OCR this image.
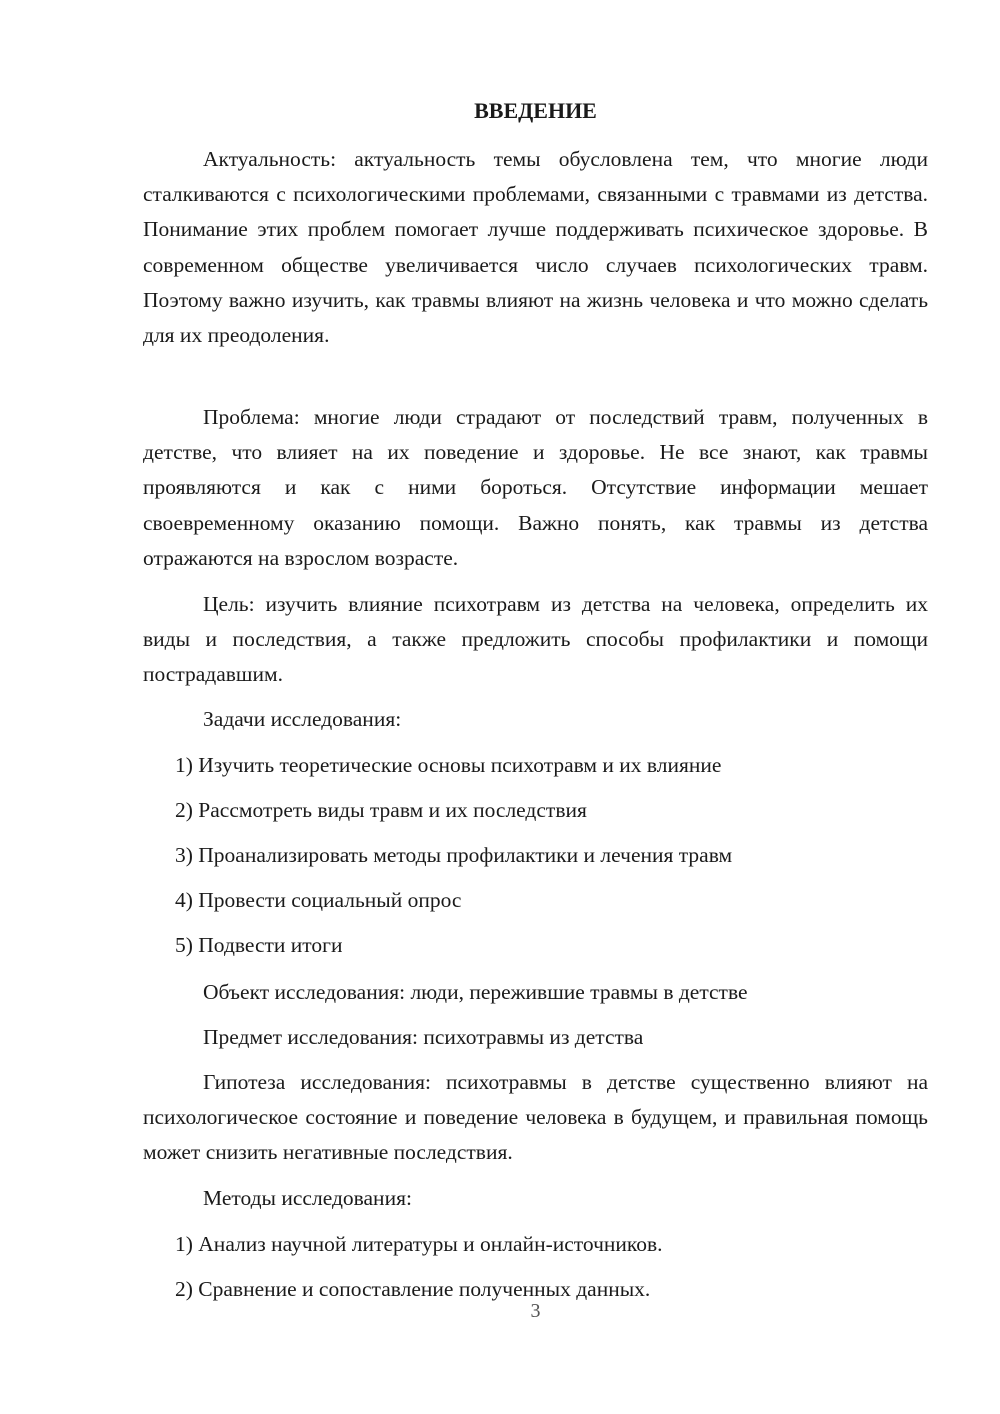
ВВЕДЕНИЕ

Актуальность: актуальность темы обусловлена тем, что многие люди сталкиваются с психологическими проблемами, связанными с травмами из детства. Понимание этих проблем помогает лучше поддерживать психическое здоровье. В современном обществе увеличивается число случаев психологических травм. Поэтому важно изучить, как травмы влияют на жизнь человека и что можно сделать для их преодоления.

Проблема: многие люди страдают от последствий травм, полученных в детстве, что влияет на их поведение и здоровье. Не все знают, как травмы проявляются и как с ними бороться. Отсутствие информации мешает своевременному оказанию помощи. Важно понять, как травмы из детства отражаются на взрослом возрасте.

Цель: изучить влияние психотравм из детства на человека, определить их виды и последствия, а также предложить способы профилактики и помощи пострадавшим.

Задачи исследования:

1) Изучить теоретические основы психотравм и их влияние

2) Рассмотреть виды травм и их последствия

3) Проанализировать методы профилактики и лечения травм

4) Провести социальный опрос

5) Подвести итоги

Объект исследования: люди, пережившие травмы в детстве

Предмет исследования: психотравмы из детства

Гипотеза исследования: психотравмы в детстве существенно влияют на психологическое состояние и поведение человека в будущем, и правильная помощь может снизить негативные последствия.

Методы исследования:

1) Анализ научной литературы и онлайн-источников.

2) Сравнение и сопоставление полученных данных.

3
